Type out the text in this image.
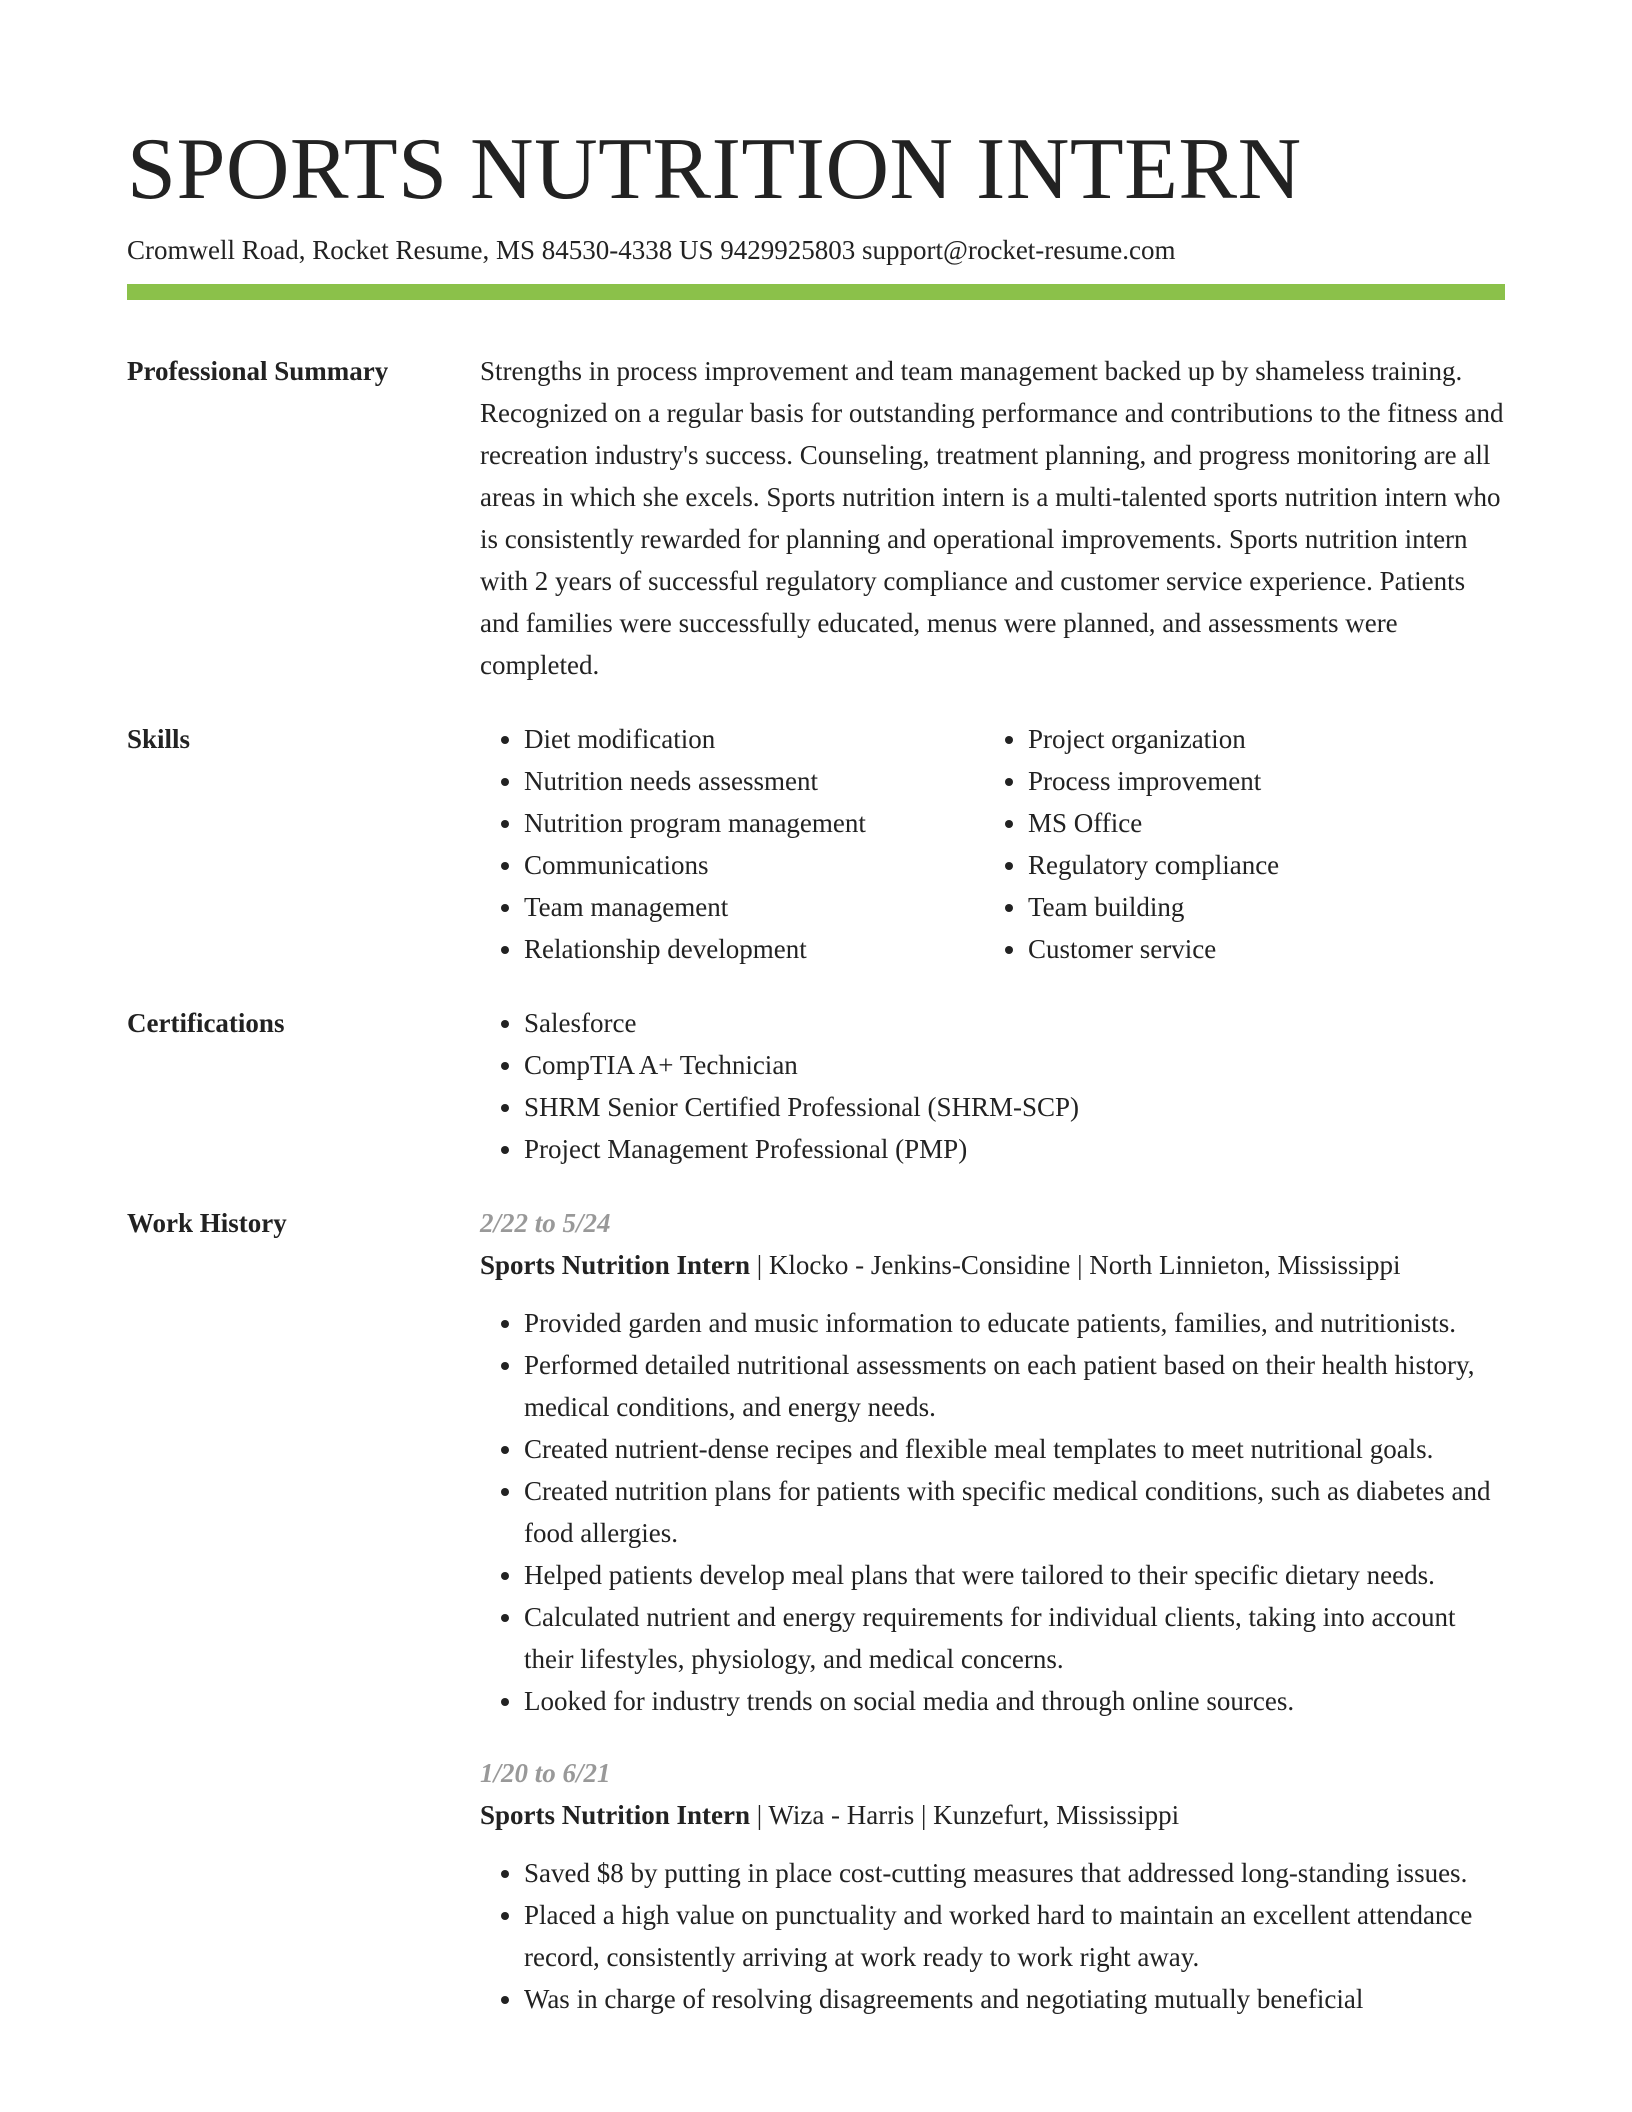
SPORTS NUTRITION INTERN
Cromwell Road, Rocket Resume, MS 84530-4338 US 9429925803 support@rocket-resume.com
Professional Summary	Strengths in process improvement and team management backed up by shameless training. Recognized on a regular basis for outstanding performance and contributions to the fitness and recreation industry's success. Counseling, treatment planning, and progress monitoring are all areas in which she excels. Sports nutrition intern is a multi-talented sports nutrition intern who is consistently rewarded for planning and operational improvements. Sports nutrition intern with 2 years of successful regulatory compliance and customer service experience. Patients and families were successfully educated, menus were planned, and assessments were completed.
Skills	• Diet modification
• Nutrition needs assessment
• Nutrition program management
• Communications
• Team management
• Relationship development
• Project organization
• Process improvement
• MS Office
• Regulatory compliance
• Team building
• Customer service
Certifications	• Salesforce
• CompTIA A+ Technician
• SHRM Senior Certified Professional (SHRM-SCP)
• Project Management Professional (PMP)
Work History	2/22 to 5/24
Sports Nutrition Intern | Klocko - Jenkins-Considine | North Linnieton, Mississippi
• Provided garden and music information to educate patients, families, and nutritionists.
• Performed detailed nutritional assessments on each patient based on their health history, medical conditions, and energy needs.
• Created nutrient-dense recipes and flexible meal templates to meet nutritional goals.
• Created nutrition plans for patients with specific medical conditions, such as diabetes and food allergies.
• Helped patients develop meal plans that were tailored to their specific dietary needs.
• Calculated nutrient and energy requirements for individual clients, taking into account their lifestyles, physiology, and medical concerns.
• Looked for industry trends on social media and through online sources.
1/20 to 6/21
Sports Nutrition Intern | Wiza - Harris | Kunzefurt, Mississippi
• Saved $8 by putting in place cost-cutting measures that addressed long-standing issues.
• Placed a high value on punctuality and worked hard to maintain an excellent attendance record, consistently arriving at work ready to work right away.
• Was in charge of resolving disagreements and negotiating mutually beneficial
